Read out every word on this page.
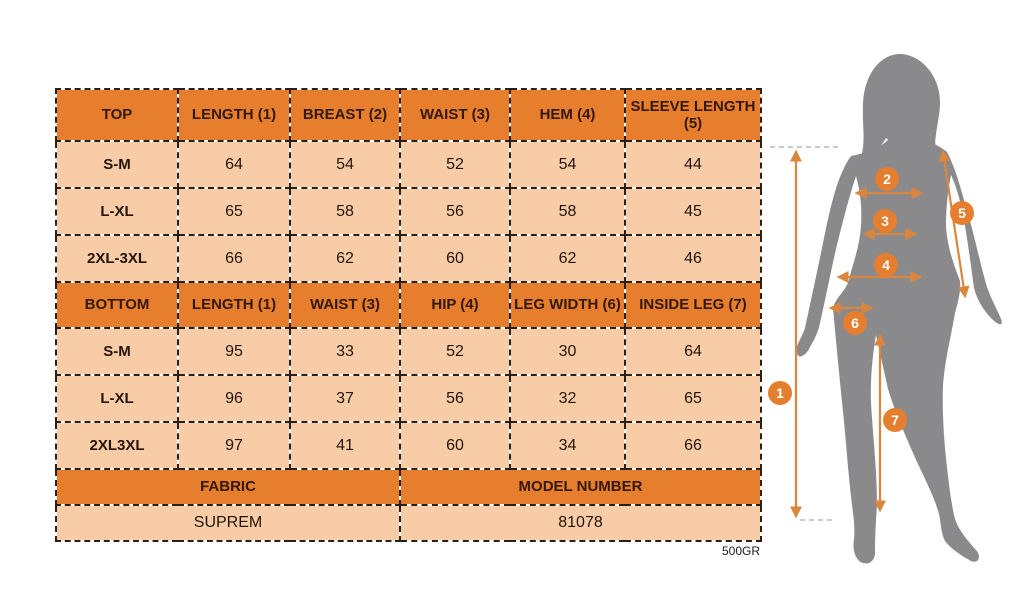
TOP	LENGTH (1)	BREAST (2)	WAIST (3)	HEM (4)	SLEEVE LENGTH (5)
S-M	64	54	52	54	44
L-XL	65	58	56	58	45
2XL-3XL	66	62	60	62	46
BOTTOM	LENGTH (1)	WAIST (3)	HIP (4)	LEG WIDTH (6)	INSIDE LEG (7)
S-M	95	33	52	30	64
L-XL	96	37	56	32	65
2XL3XL	97	41	60	34	66
FABRIC			MODEL NUMBER		
SUPREM			81078		
500GR
1
2
3
4
5
6
7
